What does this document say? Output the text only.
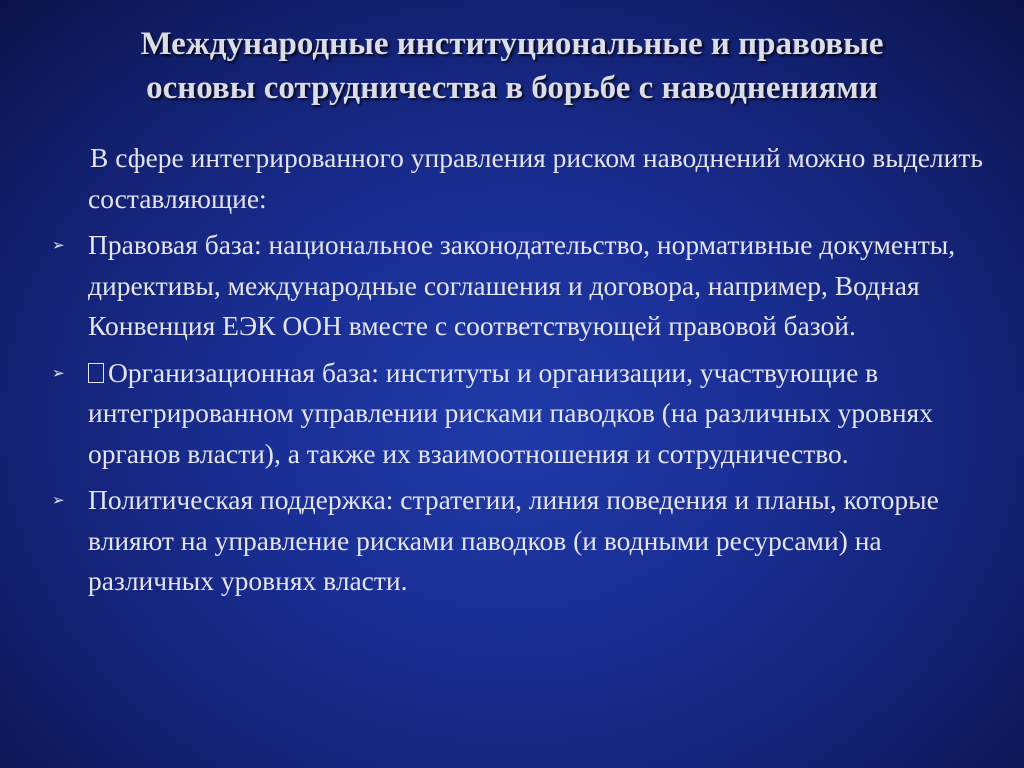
Международные институциональные и правовые
основы сотрудничества в борьбе с наводнениями

В сфере интегрированного управления риском наводнений можно выделить составляющие:

➢ Правовая база: национальное законодательство, нормативные документы, директивы, международные соглашения и договора, например, Водная Конвенция ЕЭК ООН вместе с соответствующей правовой базой.

➢ Организационная база: институты и организации, участвующие в интегрированном управлении рисками паводков (на различных уровнях органов власти), а также их взаимоотношения и сотрудничество.

➢ Политическая поддержка: стратегии, линия поведения и планы, которые влияют на управление рисками паводков (и водными ресурсами) на различных уровнях власти.
